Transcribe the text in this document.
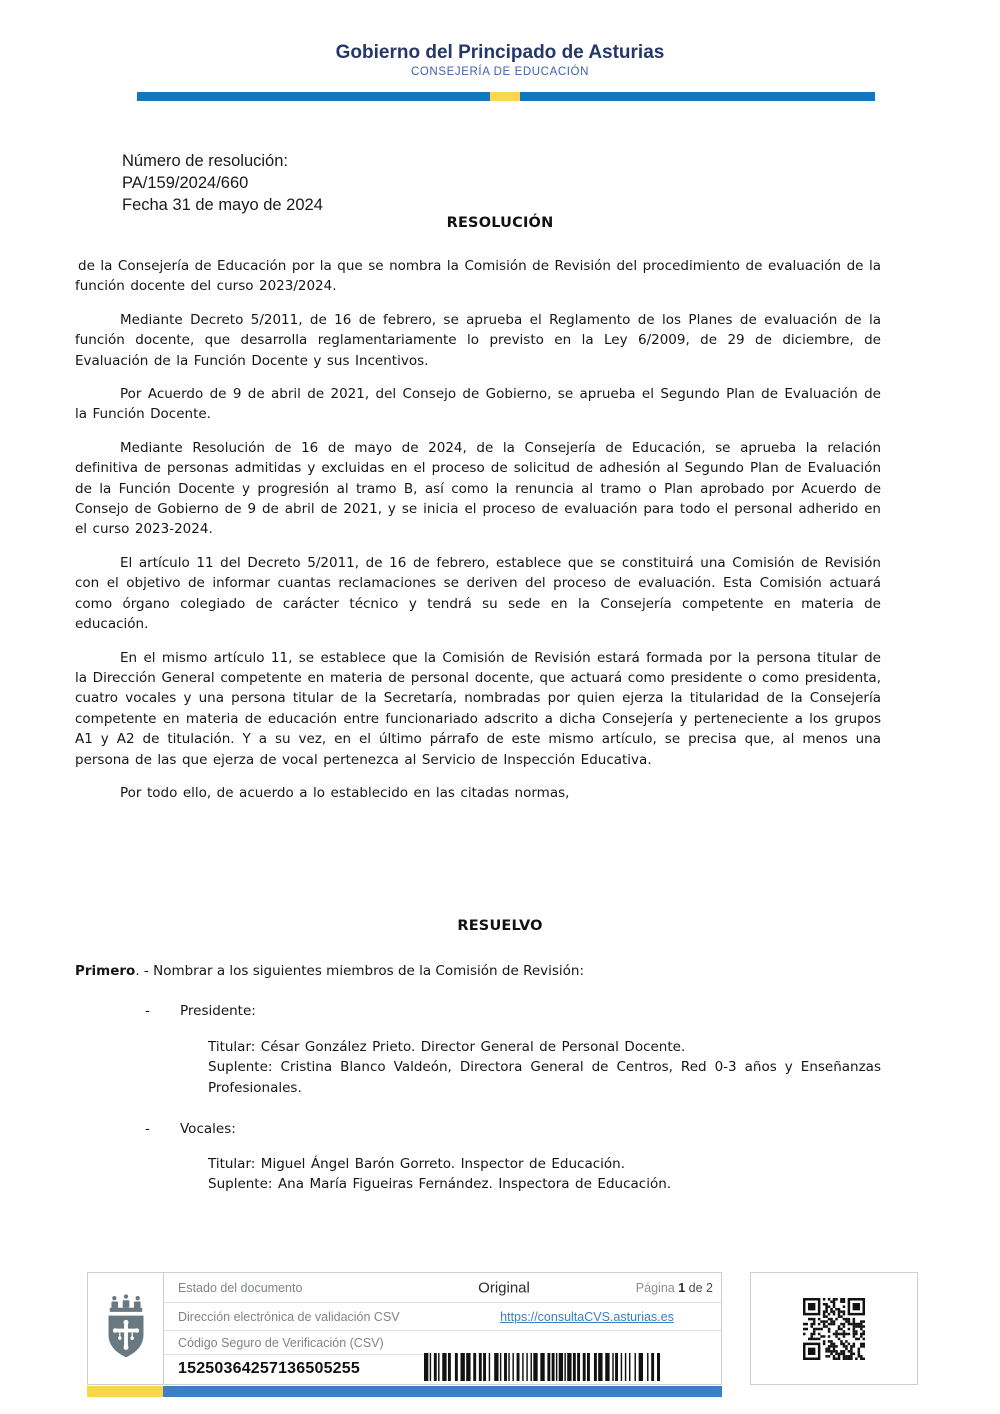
Gobierno del Principado de Asturias
CONSEJERÍA DE EDUCACIÓN
Número de resolución:
PA/159/2024/660
Fecha 31 de mayo de 2024
RESOLUCIÓN

de la Consejería de Educación por la que se nombra la Comisión de Revisión del procedimiento de evaluación de la función docente del curso 2023/2024.

Mediante Decreto 5/2011, de 16 de febrero, se aprueba el Reglamento de los Planes de evaluación de la función docente, que desarrolla reglamentariamente lo previsto en la Ley 6/2009, de 29 de diciembre, de Evaluación de la Función Docente y sus Incentivos.

Por Acuerdo de 9 de abril de 2021, del Consejo de Gobierno, se aprueba el Segundo Plan de Evaluación de la Función Docente.

Mediante Resolución de 16 de mayo de 2024, de la Consejería de Educación, se aprueba la relación definitiva de personas admitidas y excluidas en el proceso de solicitud de adhesión al Segundo Plan de Evaluación de la Función Docente y progresión al tramo B, así como la renuncia al tramo o Plan aprobado por Acuerdo de Consejo de Gobierno de 9 de abril de 2021, y se inicia el proceso de evaluación para todo el personal adherido en el curso 2023-2024.

El artículo 11 del Decreto 5/2011, de 16 de febrero, establece que se constituirá una Comisión de Revisión con el objetivo de informar cuantas reclamaciones se deriven del proceso de evaluación. Esta Comisión actuará como órgano colegiado de carácter técnico y tendrá su sede en la Consejería competente en materia de educación.

En el mismo artículo 11, se establece que la Comisión de Revisión estará formada por la persona titular de la Dirección General competente en materia de personal docente, que actuará como presidente o como presidenta, cuatro vocales y una persona titular de la Secretaría, nombradas por quien ejerza la titularidad de la Consejería competente en materia de educación entre funcionariado adscrito a dicha Consejería y perteneciente a los grupos A1 y A2 de titulación. Y a su vez, en el último párrafo de este mismo artículo, se precisa que, al menos una persona de las que ejerza de vocal pertenezca al Servicio de Inspección Educativa.

Por todo ello, de acuerdo a lo establecido en las citadas normas,

RESUELVO
Primero. - Nombrar a los siguientes miembros de la Comisión de Revisión:
- Presidente:

Titular: César González Prieto. Director General de Personal Docente.

Suplente: Cristina Blanco Valdeón, Directora General de Centros, Red 0-3 años y Enseñanzas Profesionales.

- Vocales:

Titular: Miguel Ángel Barón Gorreto. Inspector de Educación.

Suplente: Ana María Figueiras Fernández. Inspectora de Educación.

Estado del documento	Original	Página 1 de 2
Dirección electrónica de validación CSV	https://consultaCVS.asturias.es
Código Seguro de Verificación (CSV)
15250364257136505255
